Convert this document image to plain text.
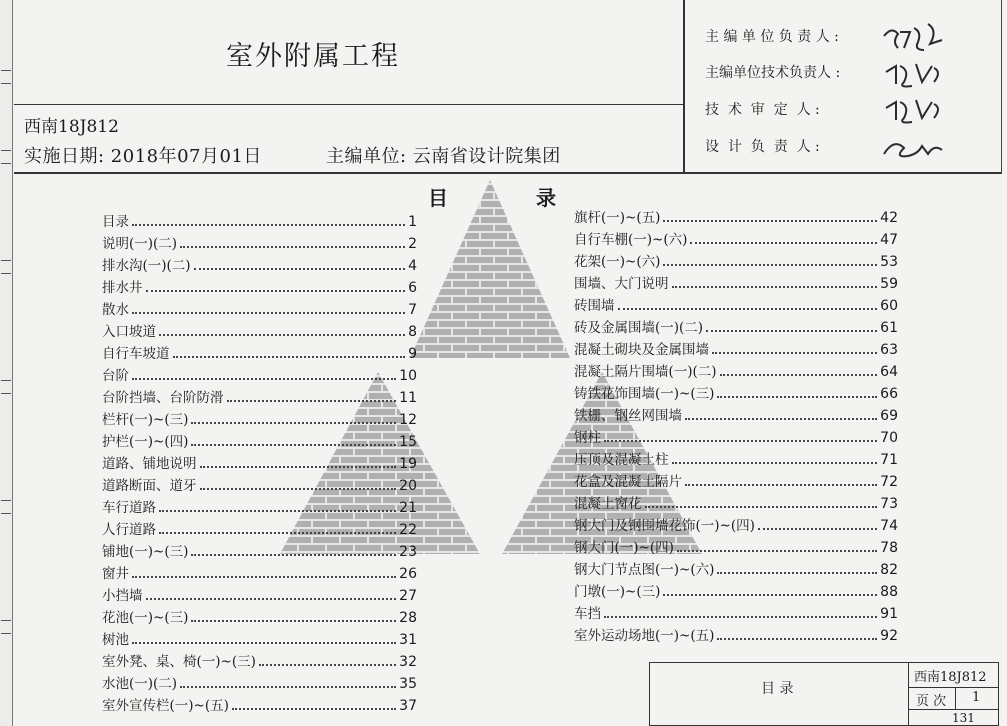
室外附属工程
西南18J812
实施日期: 2018年07月01日	主编单位: 云南省设计院集团
主 编 单 位 负 责 人 :
主编单位技术负责人 :
技  术  审  定  人 :
设  计  负  责  人 :
目	录
目录	1
说明(一)(二)	2
排水沟(一)(二)	4
排水井	6
散水	7
入口坡道	8
自行车坡道	9
台阶	10
台阶挡墙、台阶防滑	11
栏杆(一)~(三)	12
护栏(一)~(四)	15
道路、铺地说明	19
道路断面、道牙	20
车行道路	21
人行道路	22
铺地(一)~(三)	23
窗井	26
小挡墙	27
花池(一)~(三)	28
树池	31
室外凳、桌、椅(一)~(三)	32
水池(一)(二)	35
室外宣传栏(一)~(五)	37
旗杆(一)~(五)	42
自行车棚(一)~(六)	47
花架(一)~(六)	53
围墙、大门说明	59
砖围墙	60
砖及金属围墙(一)(二)	61
混凝土砌块及金属围墙	63
混凝土隔片围墙(一)(二)	64
铸铁花饰围墙(一)~(三)	66
铁栅、钢丝网围墙	69
钢柱	70
压顶及混凝土柱	71
花盒及混凝土隔片	72
混凝土窗花	73
钢大门及钢围墙花饰(一)~(四)	74
钢大门(一)~(四)	78
钢大门节点图(一)~(六)	82
门墩(一)~(三)	88
车挡	91
室外运动场地(一)~(五)	92
目 录
西南18J812
页 次 1
131
